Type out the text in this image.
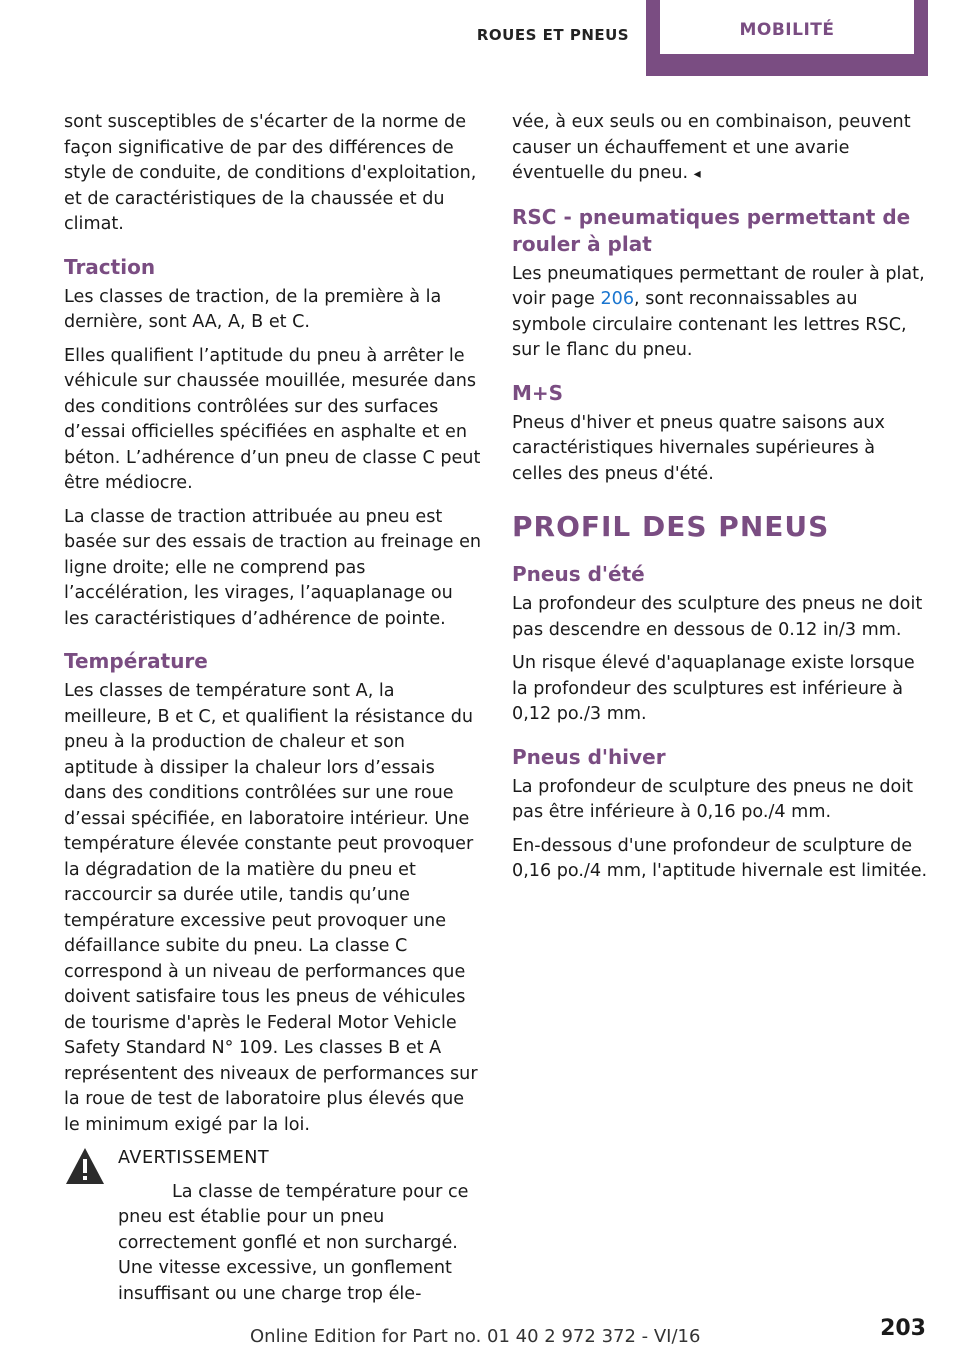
ROUES ET PNEUS	MOBILITÉ

sont susceptibles de s'écarter de la norme de façon significative de par des différences de style de conduite, de conditions d'exploitation, et de caractéristiques de la chaussée et du climat.

Traction

Les classes de traction, de la première à la dernière, sont AA, A, B et C.

Elles qualifient l’aptitude du pneu à arrêter le véhicule sur chaussée mouillée, mesurée dans des conditions contrôlées sur des surfaces d’essai officielles spécifiées en asphalte et en béton. L’adhérence d’un pneu de classe C peut être médiocre.

La classe de traction attribuée au pneu est basée sur des essais de traction au freinage en ligne droite; elle ne comprend pas l’accélération, les virages, l’aquaplanage ou les caractéristiques d’adhérence de pointe.

Température

Les classes de température sont A, la meilleure, B et C, et qualifient la résistance du pneu à la production de chaleur et son aptitude à dissiper la chaleur lors d’essais dans des conditions contrôlées sur une roue d’essai spécifiée, en laboratoire intérieur. Une température élevée constante peut provoquer la dégradation de la matière du pneu et raccourcir sa durée utile, tandis qu’une température excessive peut provoquer une défaillance subite du pneu. La classe C correspond à un niveau de performances que doivent satisfaire tous les pneus de véhicules de tourisme d'après le Federal Motor Vehicle Safety Standard N° 109. Les classes B et A représentent des niveaux de performances sur la roue de test de laboratoire plus élevés que le minimum exigé par la loi.

AVERTISSEMENT

La classe de température pour ce pneu est établie pour un pneu correctement gonflé et non surchargé. Une vitesse excessive, un gonflement insuffisant ou une charge trop éle-

vée, à eux seuls ou en combinaison, peuvent causer un échauffement et une avarie éventuelle du pneu. ◂

RSC - pneumatiques permettant de rouler à plat

Les pneumatiques permettant de rouler à plat, voir page 206, sont reconnaissables au symbole circulaire contenant les lettres RSC, sur le flanc du pneu.

M+S

Pneus d'hiver et pneus quatre saisons aux caractéristiques hivernales supérieures à celles des pneus d'été.

PROFIL DES PNEUS
Pneus d'été

La profondeur des sculpture des pneus ne doit pas descendre en dessous de 0.12 in/3 mm.

Un risque élevé d'aquaplanage existe lorsque la profondeur des sculptures est inférieure à 0,12 po./3 mm.

Pneus d'hiver

La profondeur de sculpture des pneus ne doit pas être inférieure à 0,16 po./4 mm.

En-dessous d'une profondeur de sculpture de 0,16 po./4 mm, l'aptitude hivernale est limitée.

Online Edition for Part no. 01 40 2 972 372 - VI/16	203
